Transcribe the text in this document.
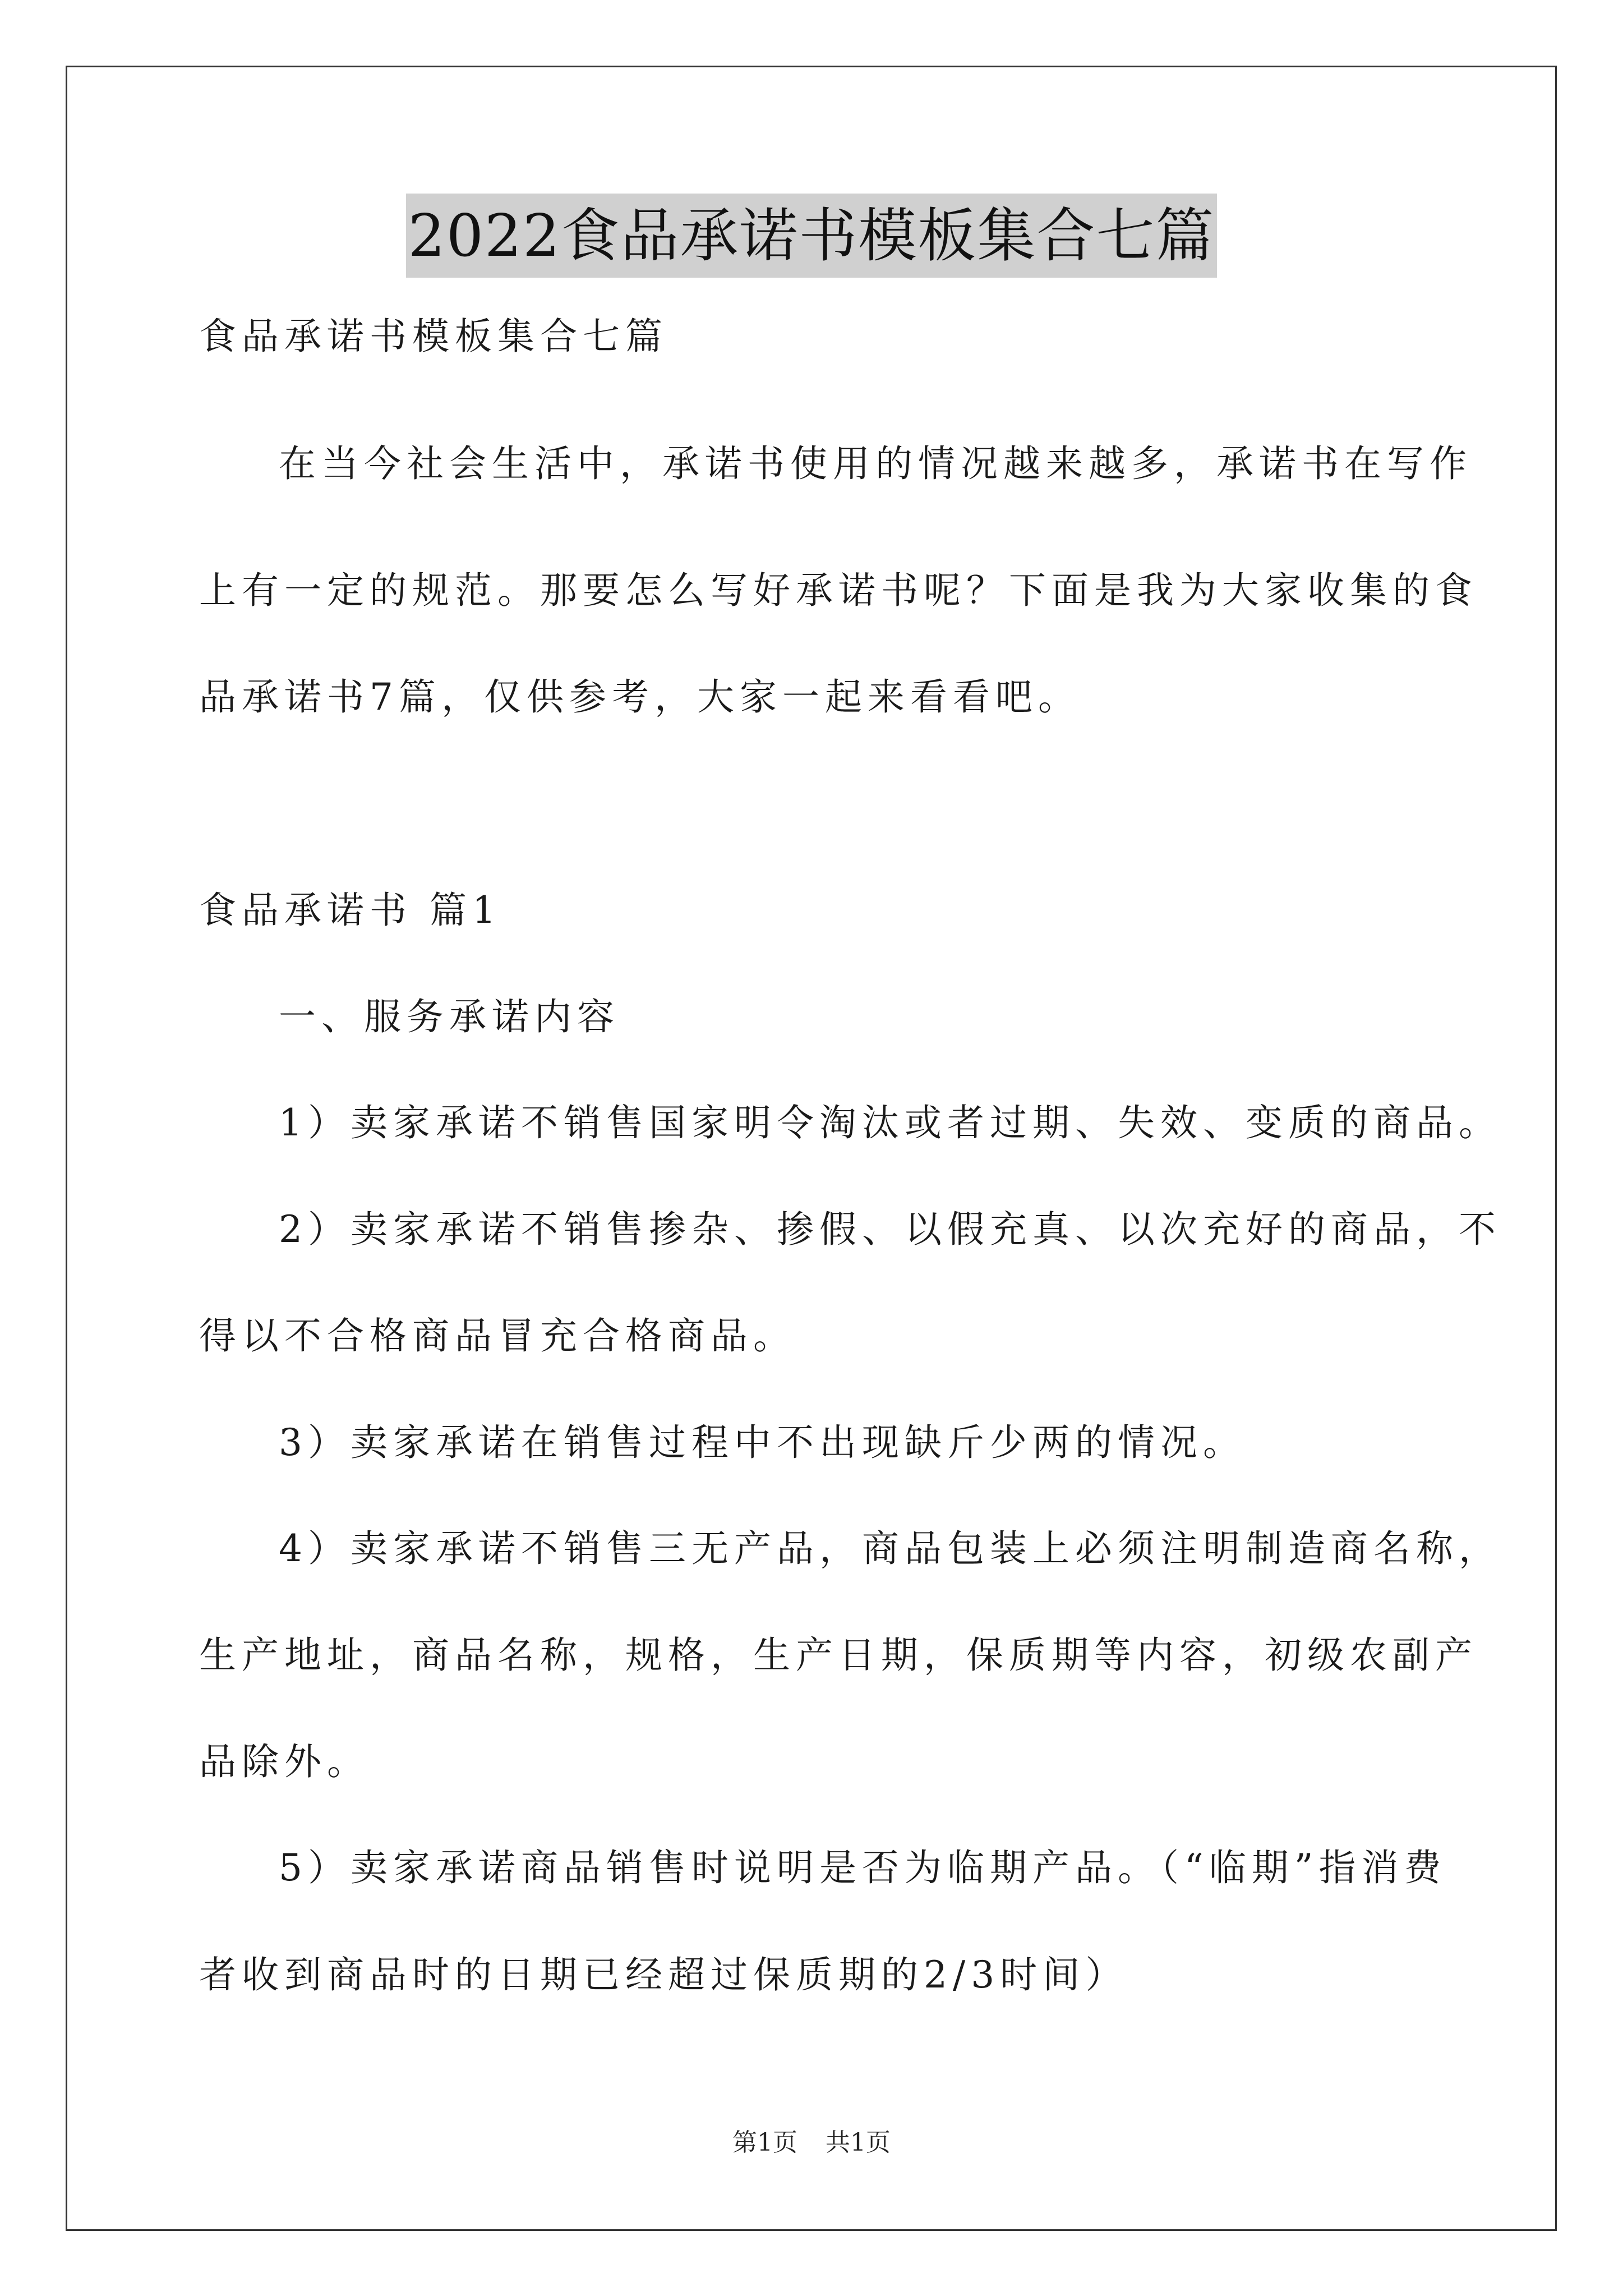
2022食品承诺书模板集合七篇
食品承诺书模板集合七篇
在当今社会生活中，承诺书使用的情况越来越多，承诺书在写作
上有一定的规范。那要怎么写好承诺书呢？下面是我为大家收集的食
品承诺书7篇，仅供参考，大家一起来看看吧。
食品承诺书 篇1
一、服务承诺内容
1）卖家承诺不销售国家明令淘汰或者过期、失效、变质的商品。
2）卖家承诺不销售掺杂、掺假、以假充真、以次充好的商品，不
得以不合格商品冒充合格商品。
3）卖家承诺在销售过程中不出现缺斤少两的情况。
4）卖家承诺不销售三无产品，商品包装上必须注明制造商名称，
生产地址，商品名称，规格，生产日期，保质期等内容，初级农副产
品除外。
5）卖家承诺商品销售时说明是否为临期产品。（“临期”指消费
者收到商品时的日期已经超过保质期的2/3时间）
第1页 共1页
